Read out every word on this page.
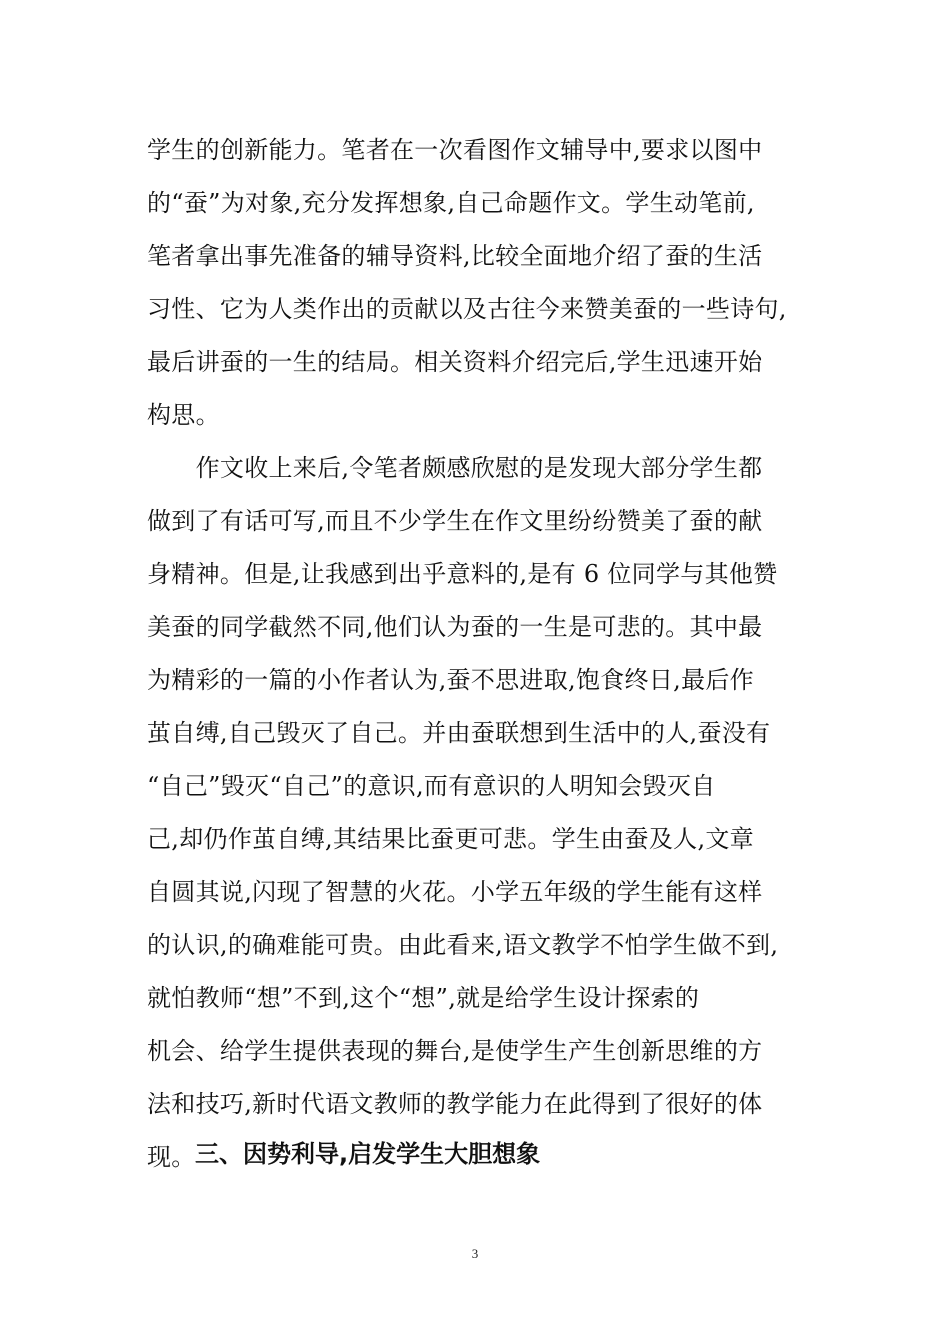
学生的创新能力。笔者在一次看图作文辅导中,要求以图中
的“蚕”为对象,充分发挥想象,自己命题作文。学生动笔前,
笔者拿出事先准备的辅导资料,比较全面地介绍了蚕的生活
习性、它为人类作出的贡献以及古往今来赞美蚕的一些诗句,
最后讲蚕的一生的结局。相关资料介绍完后,学生迅速开始
构思。
　　作文收上来后,令笔者颇感欣慰的是发现大部分学生都
做到了有话可写,而且不少学生在作文里纷纷赞美了蚕的献
身精神。但是,让我感到出乎意料的,是有 6 位同学与其他赞
美蚕的同学截然不同,他们认为蚕的一生是可悲的。其中最
为精彩的一篇的小作者认为,蚕不思进取,饱食终日,最后作
茧自缚,自己毁灭了自己。并由蚕联想到生活中的人,蚕没有
“自己”毁灭“自己”的意识,而有意识的人明知会毁灭自
己,却仍作茧自缚,其结果比蚕更可悲。学生由蚕及人,文章
自圆其说,闪现了智慧的火花。小学五年级的学生能有这样
的认识,的确难能可贵。由此看来,语文教学不怕学生做不到,
就怕教师“想”不到,这个“想”,就是给学生设计探索的
机会、给学生提供表现的舞台,是使学生产生创新思维的方
法和技巧,新时代语文教师的教学能力在此得到了很好的体
现。 三、因势利导,启发学生大胆想象
3
